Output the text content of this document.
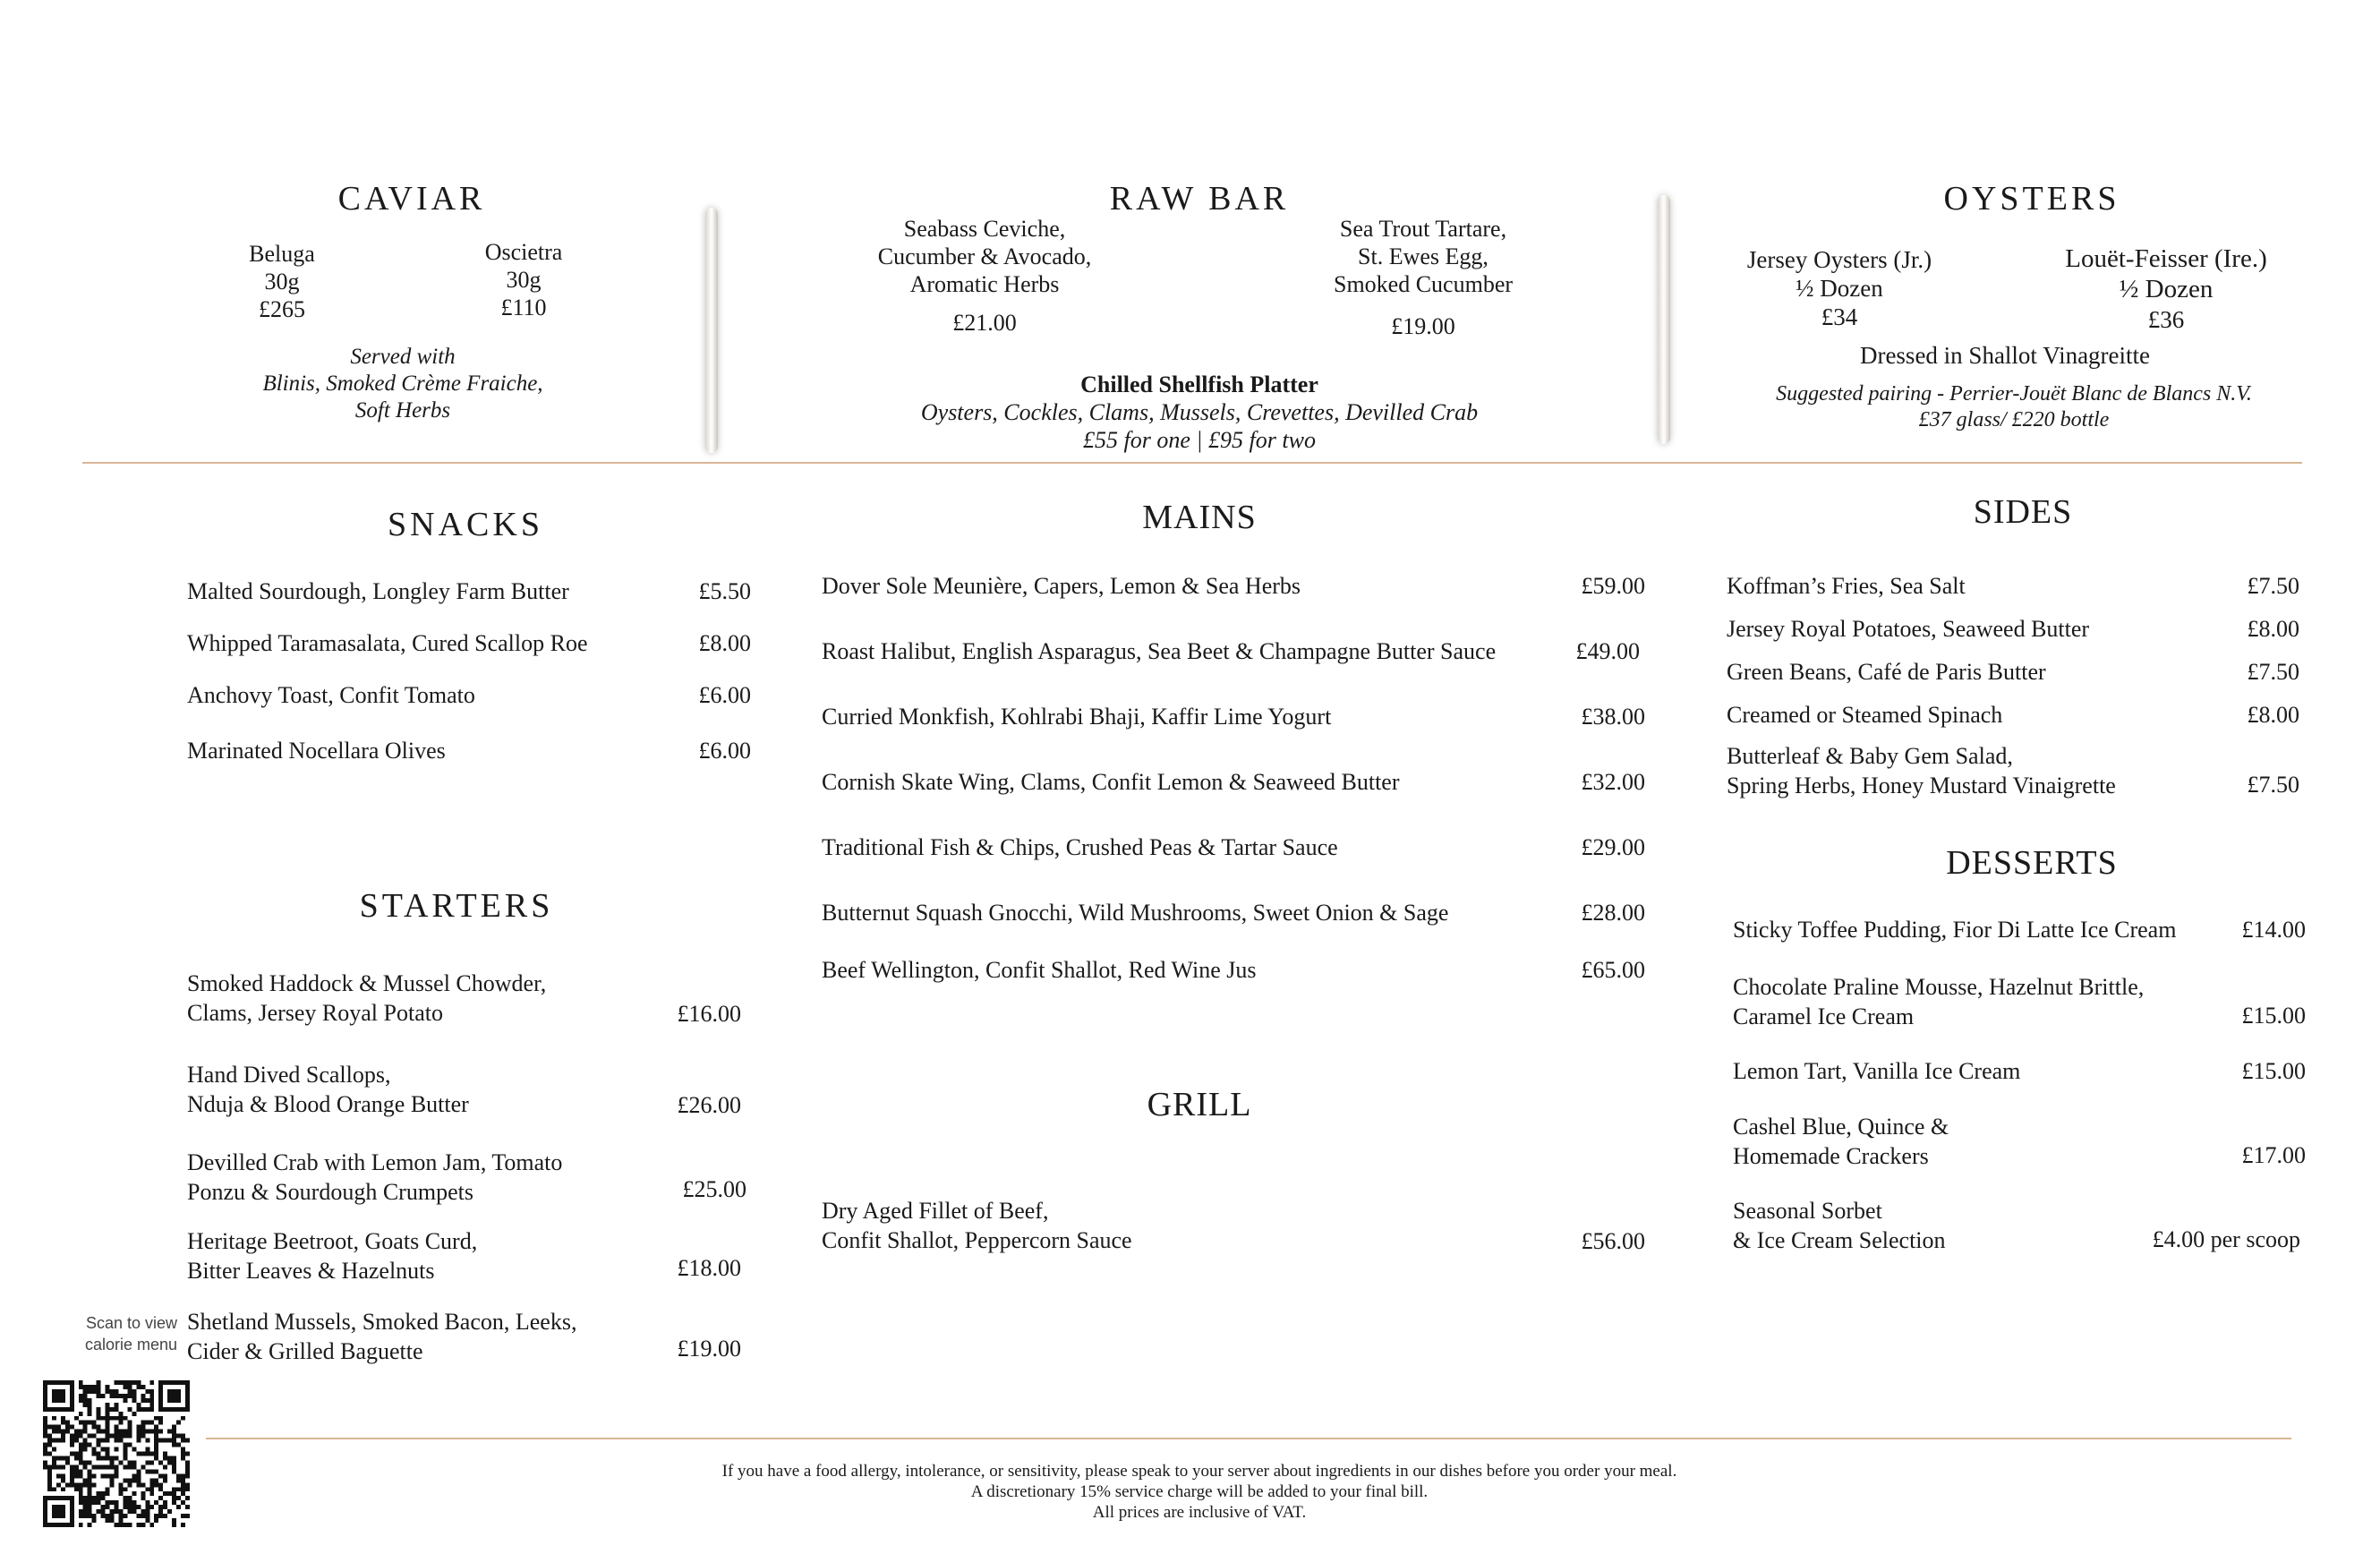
CAVIAR
Beluga
30g
£265
Oscietra
30g
£110
Served with
Blinis, Smoked Crème Fraiche,
Soft Herbs
RAW BAR
Seabass Ceviche,
Cucumber & Avocado,
Aromatic Herbs
£21.00
Sea Trout Tartare,
St. Ewes Egg,
Smoked Cucumber
£19.00
Chilled Shellfish Platter
Oysters, Cockles, Clams, Mussels, Crevettes, Devilled Crab
£55 for one | £95 for two
OYSTERS
Jersey Oysters (Jr.)
½ Dozen
£34
Louët-Feisser (Ire.)
½ Dozen
£36
Dressed in Shallot Vinagreitte
Suggested pairing - Perrier-Jouët Blanc de Blancs N.V.
£37 glass/ £220 bottle
SNACKS
Malted Sourdough, Longley Farm Butter	£5.50
Whipped Taramasalata, Cured Scallop Roe	£8.00
Anchovy Toast, Confit Tomato	£6.00
Marinated Nocellara Olives	£6.00
STARTERS
Smoked Haddock & Mussel Chowder,
Clams, Jersey Royal Potato	£16.00
Hand Dived Scallops,
Nduja & Blood Orange Butter	£26.00
Devilled Crab with Lemon Jam, Tomato
Ponzu & Sourdough Crumpets	£25.00
Heritage Beetroot, Goats Curd,
Bitter Leaves & Hazelnuts	£18.00
Shetland Mussels, Smoked Bacon, Leeks,
Cider & Grilled Baguette	£19.00
MAINS
Dover Sole Meunière, Capers, Lemon & Sea Herbs	£59.00
Roast Halibut, English Asparagus, Sea Beet & Champagne Butter Sauce	£49.00
Curried Monkfish, Kohlrabi Bhaji, Kaffir Lime Yogurt	£38.00
Cornish Skate Wing, Clams, Confit Lemon & Seaweed Butter	£32.00
Traditional Fish & Chips, Crushed Peas & Tartar Sauce	£29.00
Butternut Squash Gnocchi, Wild Mushrooms, Sweet Onion & Sage	£28.00
Beef Wellington, Confit Shallot, Red Wine Jus	£65.00
GRILL
Dry Aged Fillet of Beef,
Confit Shallot, Peppercorn Sauce	£56.00
SIDES
Koffman’s Fries, Sea Salt	£7.50
Jersey Royal Potatoes, Seaweed Butter	£8.00
Green Beans, Café de Paris Butter	£7.50
Creamed or Steamed Spinach	£8.00
Butterleaf & Baby Gem Salad,
Spring Herbs, Honey Mustard Vinaigrette	£7.50
DESSERTS
Sticky Toffee Pudding, Fior Di Latte Ice Cream	£14.00
Chocolate Praline Mousse, Hazelnut Brittle,
Caramel Ice Cream	£15.00
Lemon Tart, Vanilla Ice Cream	£15.00
Cashel Blue, Quince &
Homemade Crackers	£17.00
Seasonal Sorbet
& Ice Cream Selection	£4.00 per scoop
Scan to view
calorie menu
If you have a food allergy, intolerance, or sensitivity, please speak to your server about ingredients in our dishes before you order your meal.
A discretionary 15% service charge will be added to your final bill.
All prices are inclusive of VAT.
